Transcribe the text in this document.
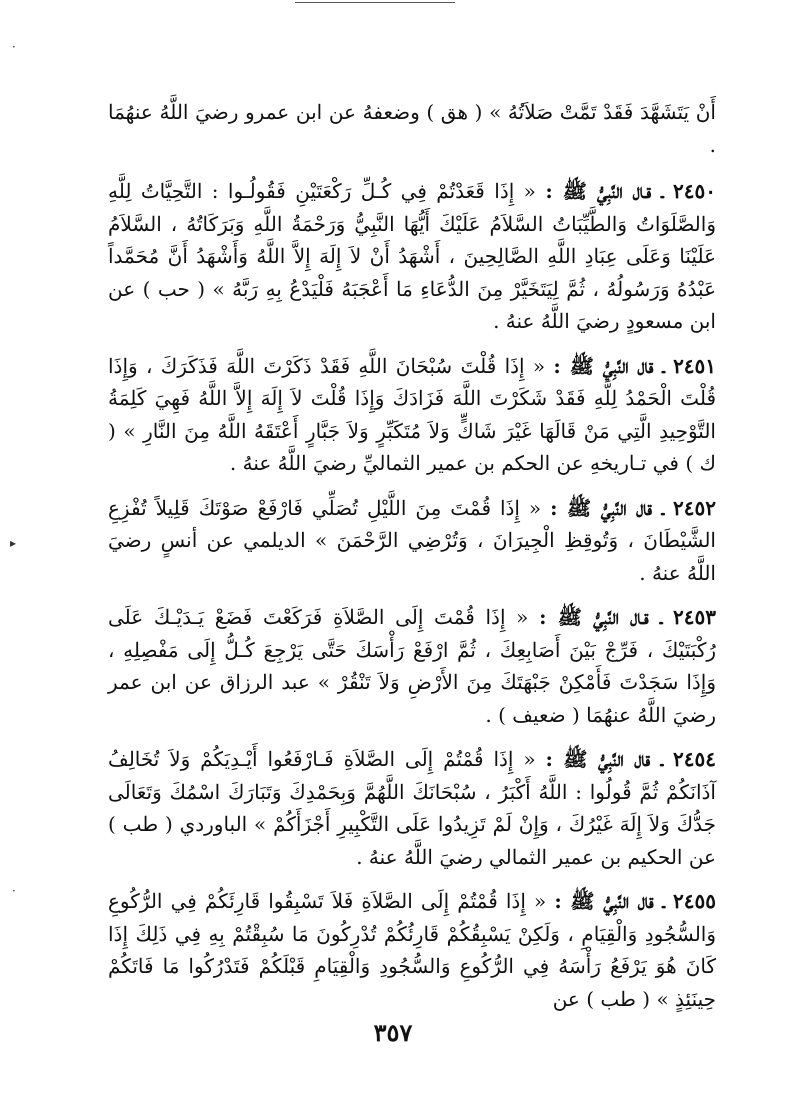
·
▸
·

أَنْ يَتَشَهَّدَ فَقَدْ تَمَّتْ صَلاَتُهُ » ( هق ) وضعفهُ عن ابن عمرو رضيَ اللَّهُ عنهُمَا .

٢٤٥٠ ـ قـال النَّبِيُّ ﷺ : « إِذَا قَعَدْتُمْ فِي كُـلِّ رَكْعَتَيْنِ فَقُولُـوا : التَّحِيَّاتُ لِلَّهِ وَالصَّلَوَاتُ وَالطَّيِّبَاتُ السَّلاَمُ عَلَيْكَ أَيُّهَا النَّبِيُّ وَرَحْمَةُ اللَّهِ وَبَرَكَاتُهُ ، السَّلاَمُ عَلَيْنَا وَعَلَى عِبَادِ اللَّهِ الصَّالِحِينَ ، أَشْهَدُ أَنْ لاَ إِلَهَ إِلاَّ اللَّهُ وَأَشْهَدُ أَنَّ مُحَمَّداً عَبْدُهُ وَرَسُولُهُ ، ثُمَّ لِيَتَخَيَّرْ مِنَ الدُّعَاءِ مَا أَعْجَبَهُ فَلْيَدْعُ بِهِ رَبَّهُ » ( حب ) عن ابن مسعودٍ رضيَ اللَّهُ عنهُ .

٢٤٥١ ـ قال النَّبِيُّ ﷺ : « إِذَا قُلْتَ سُبْحَانَ اللَّهِ فَقَدْ ذَكَرْتَ اللَّهَ فَذَكَرَكَ ، وَإِذَا قُلْتَ الْحَمْدُ لِلَّهِ فَقَدْ شَكَرْتَ اللَّهَ فَزَادَكَ وَإِذَا قُلْتَ لاَ إِلَهَ إِلاَّ اللَّهُ فَهِيَ كَلِمَةُ التَّوْحِيدِ الَّتِي مَنْ قَالَهَا غَيْرَ شَاكٍّ وَلاَ مُتَكَبِّرٍ وَلاَ جَبَّارٍ أَعْتَقَهُ اللَّهُ مِنَ النَّارِ » ( ك ) في تـاريخهِ عن الحكم بن عمير الثماليِّ رضيَ اللَّهُ عنهُ .

٢٤٥٢ ـ قال النَّبِيُّ ﷺ : « إِذَا قُمْتَ مِنَ اللَّيْلِ تُصَلِّي فَارْفَعْ صَوْتَكَ قَلِيلاً تُفْزِعِ الشَّيْطَانَ ، وَتُوقِظِ الْجِيرَانَ ، وَتُرْضِي الرَّحْمَنَ » الديلمي عن أنسٍ رضيَ اللَّهُ عنهُ .

٢٤٥٣ ـ قـال النَّبِيُّ ﷺ : « إِذَا قُمْتَ إِلَى الصَّلاَةِ فَرَكَعْتَ فَضَعْ يَـدَيْـكَ عَلَى رُكْبَتَيْكَ ، فَرِّجْ بَيْنَ أَصَابِعِكَ ، ثُمَّ ارْفَعْ رَأْسَكَ حَتَّى يَرْجِعَ كُـلُّ إِلَى مَفْصِلِهِ ، وَإِذَا سَجَدْتَ فَأَمْكِنْ جَبْهَتَكَ مِنَ الأَرْضِ وَلاَ تَنْقُرْ » عبد الرزاق عن ابن عمر رضيَ اللَّهُ عنهُمَا ( ضعيف ) .

٢٤٥٤ ـ قال النَّبِيُّ ﷺ : « إِذَا قُمْتُمْ إِلَى الصَّلاَةِ فَـارْفَعُوا أَيْـدِيَكُمْ وَلاَ تُخَالِفُ آذَانَكُمْ ثُمَّ قُولُوا : اللَّهُ أَكْبَرُ ، سُبْحَانَكَ اللَّهُمَّ وَبِحَمْدِكَ وَتَبَارَكَ اسْمُكَ وَتَعَالَى جَدُّكَ وَلاَ إِلَهَ غَيْرُكَ ، وَإِنْ لَمْ تَزِيدُوا عَلَى التَّكْبِيرِ أَجْزَأَكُمْ » الباوردي ( طب ) عن الحكيم بن عمير الثمالي رضيَ اللَّهُ عنهُ .

٢٤٥٥ ـ قال النَّبِيُّ ﷺ : « إِذَا قُمْتُمْ إِلَى الصَّلاَةِ فَلاَ تَسْبِقُوا قَارِئَكُمْ فِي الرُّكُوعِ وَالسُّجُودِ وَالْقِيَامِ ، وَلَكِنْ يَسْبِقُكُمْ قَارِئُكُمْ تُدْرِكُونَ مَا سُبِقْتُمْ بِهِ فِي ذَلِكَ إِذَا كَانَ هُوَ يَرْفَعُ رَأْسَهُ فِي الرُّكُوعِ وَالسُّجُودِ وَالْقِيَامِ قَبْلَكُمْ فَتَدْرُكُوا مَا فَاتَكُمْ حِينَئِذٍ » ( طب ) عن

٣٥٧
